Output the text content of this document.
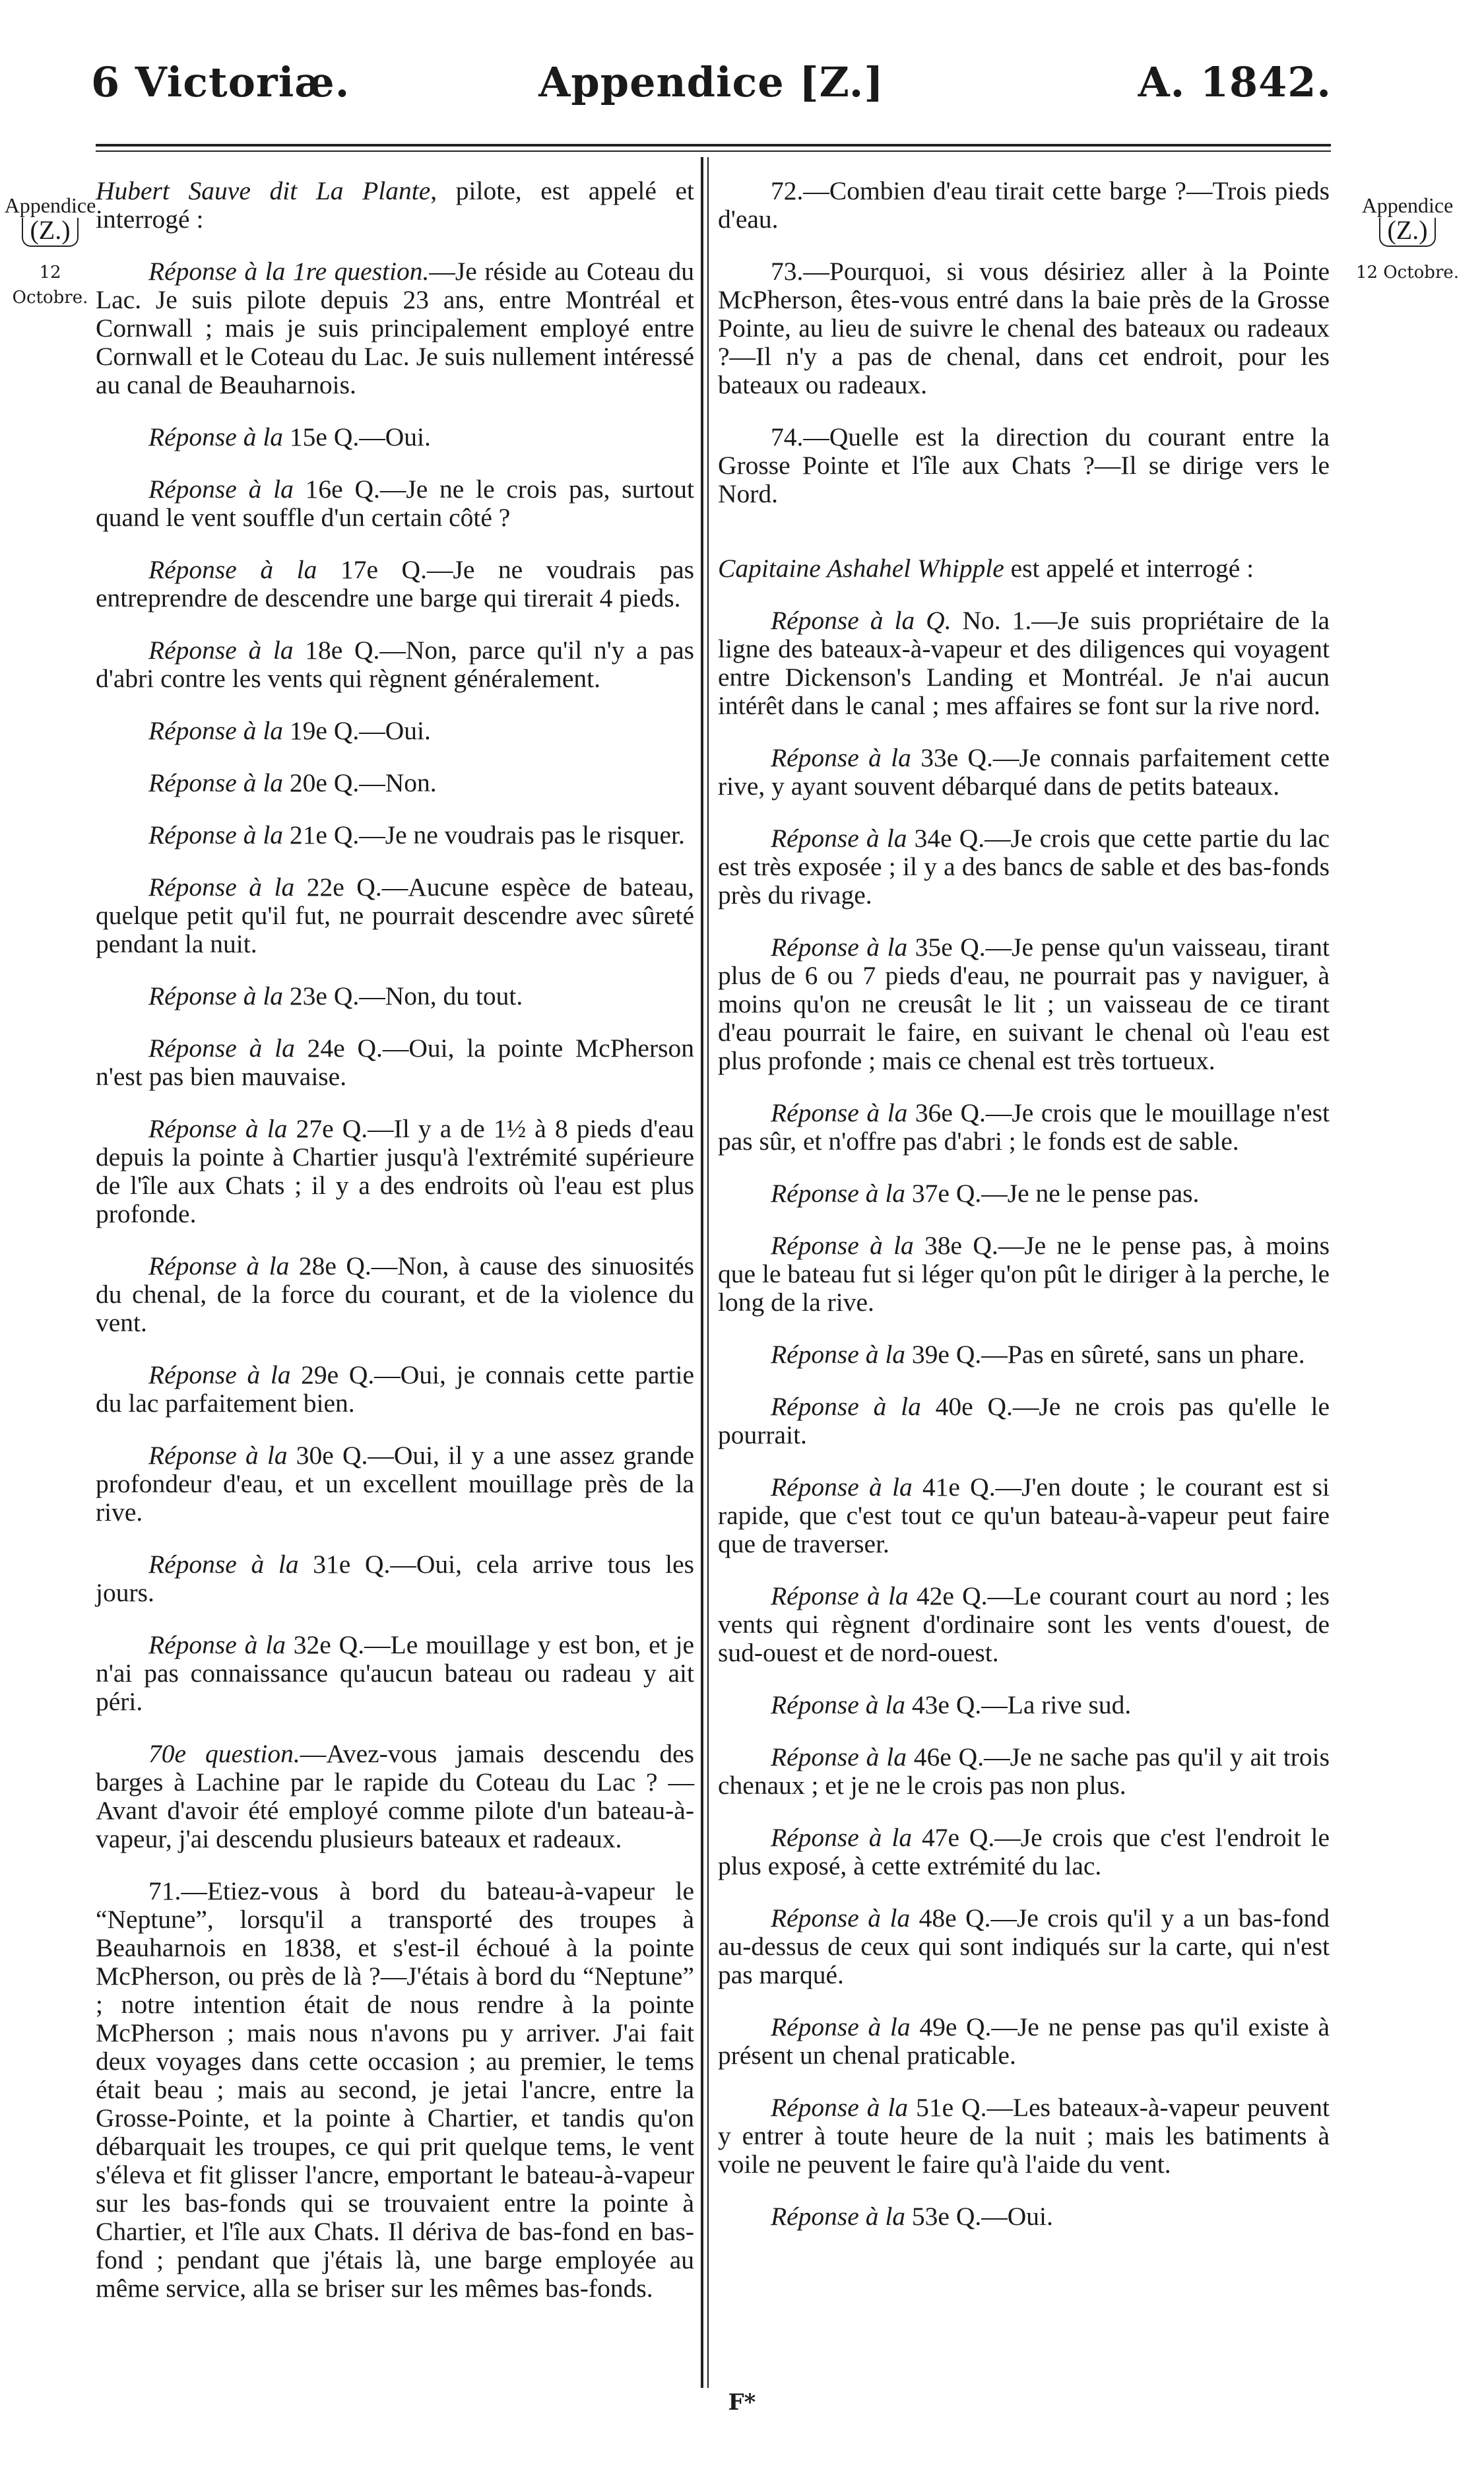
6 Victoriæ.	Appendice [Z.]	A. 1842.
Appendice
(Z.)
12 Octobre.
Appendice
(Z.)
12 Octobre.

Hubert Sauve dit La Plante, pilote, est appelé et interrogé :

Réponse à la 1re question.—Je réside au Coteau du Lac. Je suis pilote depuis 23 ans, entre Montréal et Cornwall ; mais je suis principalement employé entre Cornwall et le Coteau du Lac. Je suis nullement intéressé au canal de Beauharnois.

Réponse à la 15e Q.—Oui.

Réponse à la 16e Q.—Je ne le crois pas, surtout quand le vent souffle d'un certain côté ?

Réponse à la 17e Q.—Je ne voudrais pas entreprendre de descendre une barge qui tirerait 4 pieds.

Réponse à la 18e Q.—Non, parce qu'il n'y a pas d'abri contre les vents qui règnent généralement.

Réponse à la 19e Q.—Oui.

Réponse à la 20e Q.—Non.

Réponse à la 21e Q.—Je ne voudrais pas le risquer.

Réponse à la 22e Q.—Aucune espèce de bateau, quelque petit qu'il fut, ne pourrait descendre avec sûreté pendant la nuit.

Réponse à la 23e Q.—Non, du tout.

Réponse à la 24e Q.—Oui, la pointe McPherson n'est pas bien mauvaise.

Réponse à la 27e Q.—Il y a de 1½ à 8 pieds d'eau depuis la pointe à Chartier jusqu'à l'extrémité supérieure de l'île aux Chats ; il y a des endroits où l'eau est plus profonde.

Réponse à la 28e Q.—Non, à cause des sinuosités du chenal, de la force du courant, et de la violence du vent.

Réponse à la 29e Q.—Oui, je connais cette partie du lac parfaitement bien.

Réponse à la 30e Q.—Oui, il y a une assez grande profondeur d'eau, et un excellent mouillage près de la rive.

Réponse à la 31e Q.—Oui, cela arrive tous les jours.

Réponse à la 32e Q.—Le mouillage y est bon, et je n'ai pas connaissance qu'aucun bateau ou radeau y ait péri.

70e question.—Avez-vous jamais descendu des barges à Lachine par le rapide du Coteau du Lac ? —Avant d'avoir été employé comme pilote d'un bateau-à-vapeur, j'ai descendu plusieurs bateaux et radeaux.

71.—Etiez-vous à bord du bateau-à-vapeur le “Neptune”, lorsqu'il a transporté des troupes à Beauharnois en 1838, et s'est-il échoué à la pointe McPherson, ou près de là ?—J'étais à bord du “Neptune” ; notre intention était de nous rendre à la pointe McPherson ; mais nous n'avons pu y arriver. J'ai fait deux voyages dans cette occasion ; au premier, le tems était beau ; mais au second, je jetai l'ancre, entre la Grosse-Pointe, et la pointe à Chartier, et tandis qu'on débarquait les troupes, ce qui prit quelque tems, le vent s'éleva et fit glisser l'ancre, emportant le bateau-à-vapeur sur les bas-fonds qui se trouvaient entre la pointe à Chartier, et l'île aux Chats. Il dériva de bas-fond en bas-fond ; pendant que j'étais là, une barge employée au même service, alla se briser sur les mêmes bas-fonds.

72.—Combien d'eau tirait cette barge ?—Trois pieds d'eau.

73.—Pourquoi, si vous désiriez aller à la Pointe McPherson, êtes-vous entré dans la baie près de la Grosse Pointe, au lieu de suivre le chenal des bateaux ou radeaux ?—Il n'y a pas de chenal, dans cet endroit, pour les bateaux ou radeaux.

74.—Quelle est la direction du courant entre la Grosse Pointe et l'île aux Chats ?—Il se dirige vers le Nord.

Capitaine Ashahel Whipple est appelé et interrogé :

Réponse à la Q. No. 1.—Je suis propriétaire de la ligne des bateaux-à-vapeur et des diligences qui voyagent entre Dickenson's Landing et Montréal. Je n'ai aucun intérêt dans le canal ; mes affaires se font sur la rive nord.

Réponse à la 33e Q.—Je connais parfaitement cette rive, y ayant souvent débarqué dans de petits bateaux.

Réponse à la 34e Q.—Je crois que cette partie du lac est très exposée ; il y a des bancs de sable et des bas-fonds près du rivage.

Réponse à la 35e Q.—Je pense qu'un vaisseau, tirant plus de 6 ou 7 pieds d'eau, ne pourrait pas y naviguer, à moins qu'on ne creusât le lit ; un vaisseau de ce tirant d'eau pourrait le faire, en suivant le chenal où l'eau est plus profonde ; mais ce chenal est très tortueux.

Réponse à la 36e Q.—Je crois que le mouillage n'est pas sûr, et n'offre pas d'abri ; le fonds est de sable.

Réponse à la 37e Q.—Je ne le pense pas.

Réponse à la 38e Q.—Je ne le pense pas, à moins que le bateau fut si léger qu'on pût le diriger à la perche, le long de la rive.

Réponse à la 39e Q.—Pas en sûreté, sans un phare.

Réponse à la 40e Q.—Je ne crois pas qu'elle le pourrait.

Réponse à la 41e Q.—J'en doute ; le courant est si rapide, que c'est tout ce qu'un bateau-à-vapeur peut faire que de traverser.

Réponse à la 42e Q.—Le courant court au nord ; les vents qui règnent d'ordinaire sont les vents d'ouest, de sud-ouest et de nord-ouest.

Réponse à la 43e Q.—La rive sud.

Réponse à la 46e Q.—Je ne sache pas qu'il y ait trois chenaux ; et je ne le crois pas non plus.

Réponse à la 47e Q.—Je crois que c'est l'endroit le plus exposé, à cette extrémité du lac.

Réponse à la 48e Q.—Je crois qu'il y a un bas-fond au-dessus de ceux qui sont indiqués sur la carte, qui n'est pas marqué.

Réponse à la 49e Q.—Je ne pense pas qu'il existe à présent un chenal praticable.

Réponse à la 51e Q.—Les bateaux-à-vapeur peuvent y entrer à toute heure de la nuit ; mais les batiments à voile ne peuvent le faire qu'à l'aide du vent.

Réponse à la 53e Q.—Oui.

F*
